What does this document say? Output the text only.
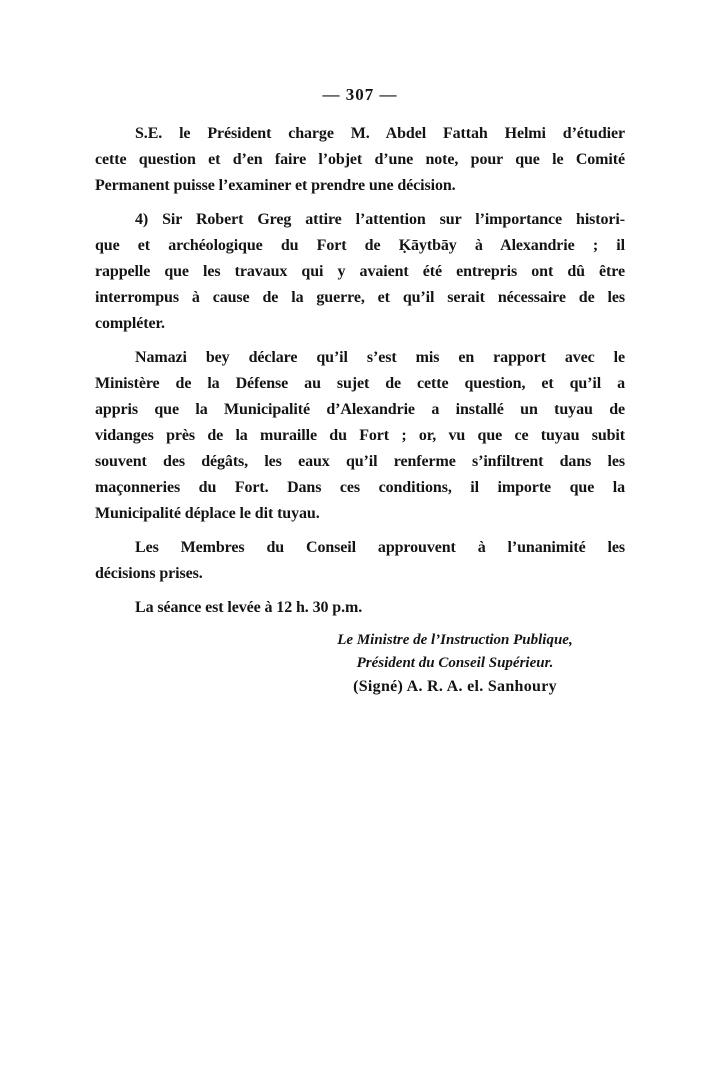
— 307 —
S.E. le Président charge M. Abdel Fattah Helmi d’étudier
cette question et d’en faire l’objet d’une note, pour que le Comité
Permanent puisse l’examiner et prendre une décision.
4) Sir Robert Greg attire l’attention sur l’importance histori-
que et archéologique du Fort de Ḳāytbāy à Alexandrie ; il
rappelle que les travaux qui y avaient été entrepris ont dû être
interrompus à cause de la guerre, et qu’il serait nécessaire de les
compléter.
Namazi bey déclare qu’il s’est mis en rapport avec le
Ministère de la Défense au sujet de cette question, et qu’il a
appris que la Municipalité d’Alexandrie a installé un tuyau de
vidanges près de la muraille du Fort ; or, vu que ce tuyau subit
souvent des dégâts, les eaux qu’il renferme s’infiltrent dans les
maçonneries du Fort. Dans ces conditions, il importe que la
Municipalité déplace le dit tuyau.
Les Membres du Conseil approuvent à l’unanimité les
décisions prises.
La séance est levée à 12 h. 30 p.m.
Le Ministre de l’Instruction Publique,
Président du Conseil Supérieur.
(Signé) A. R. A. el. Sanhoury
